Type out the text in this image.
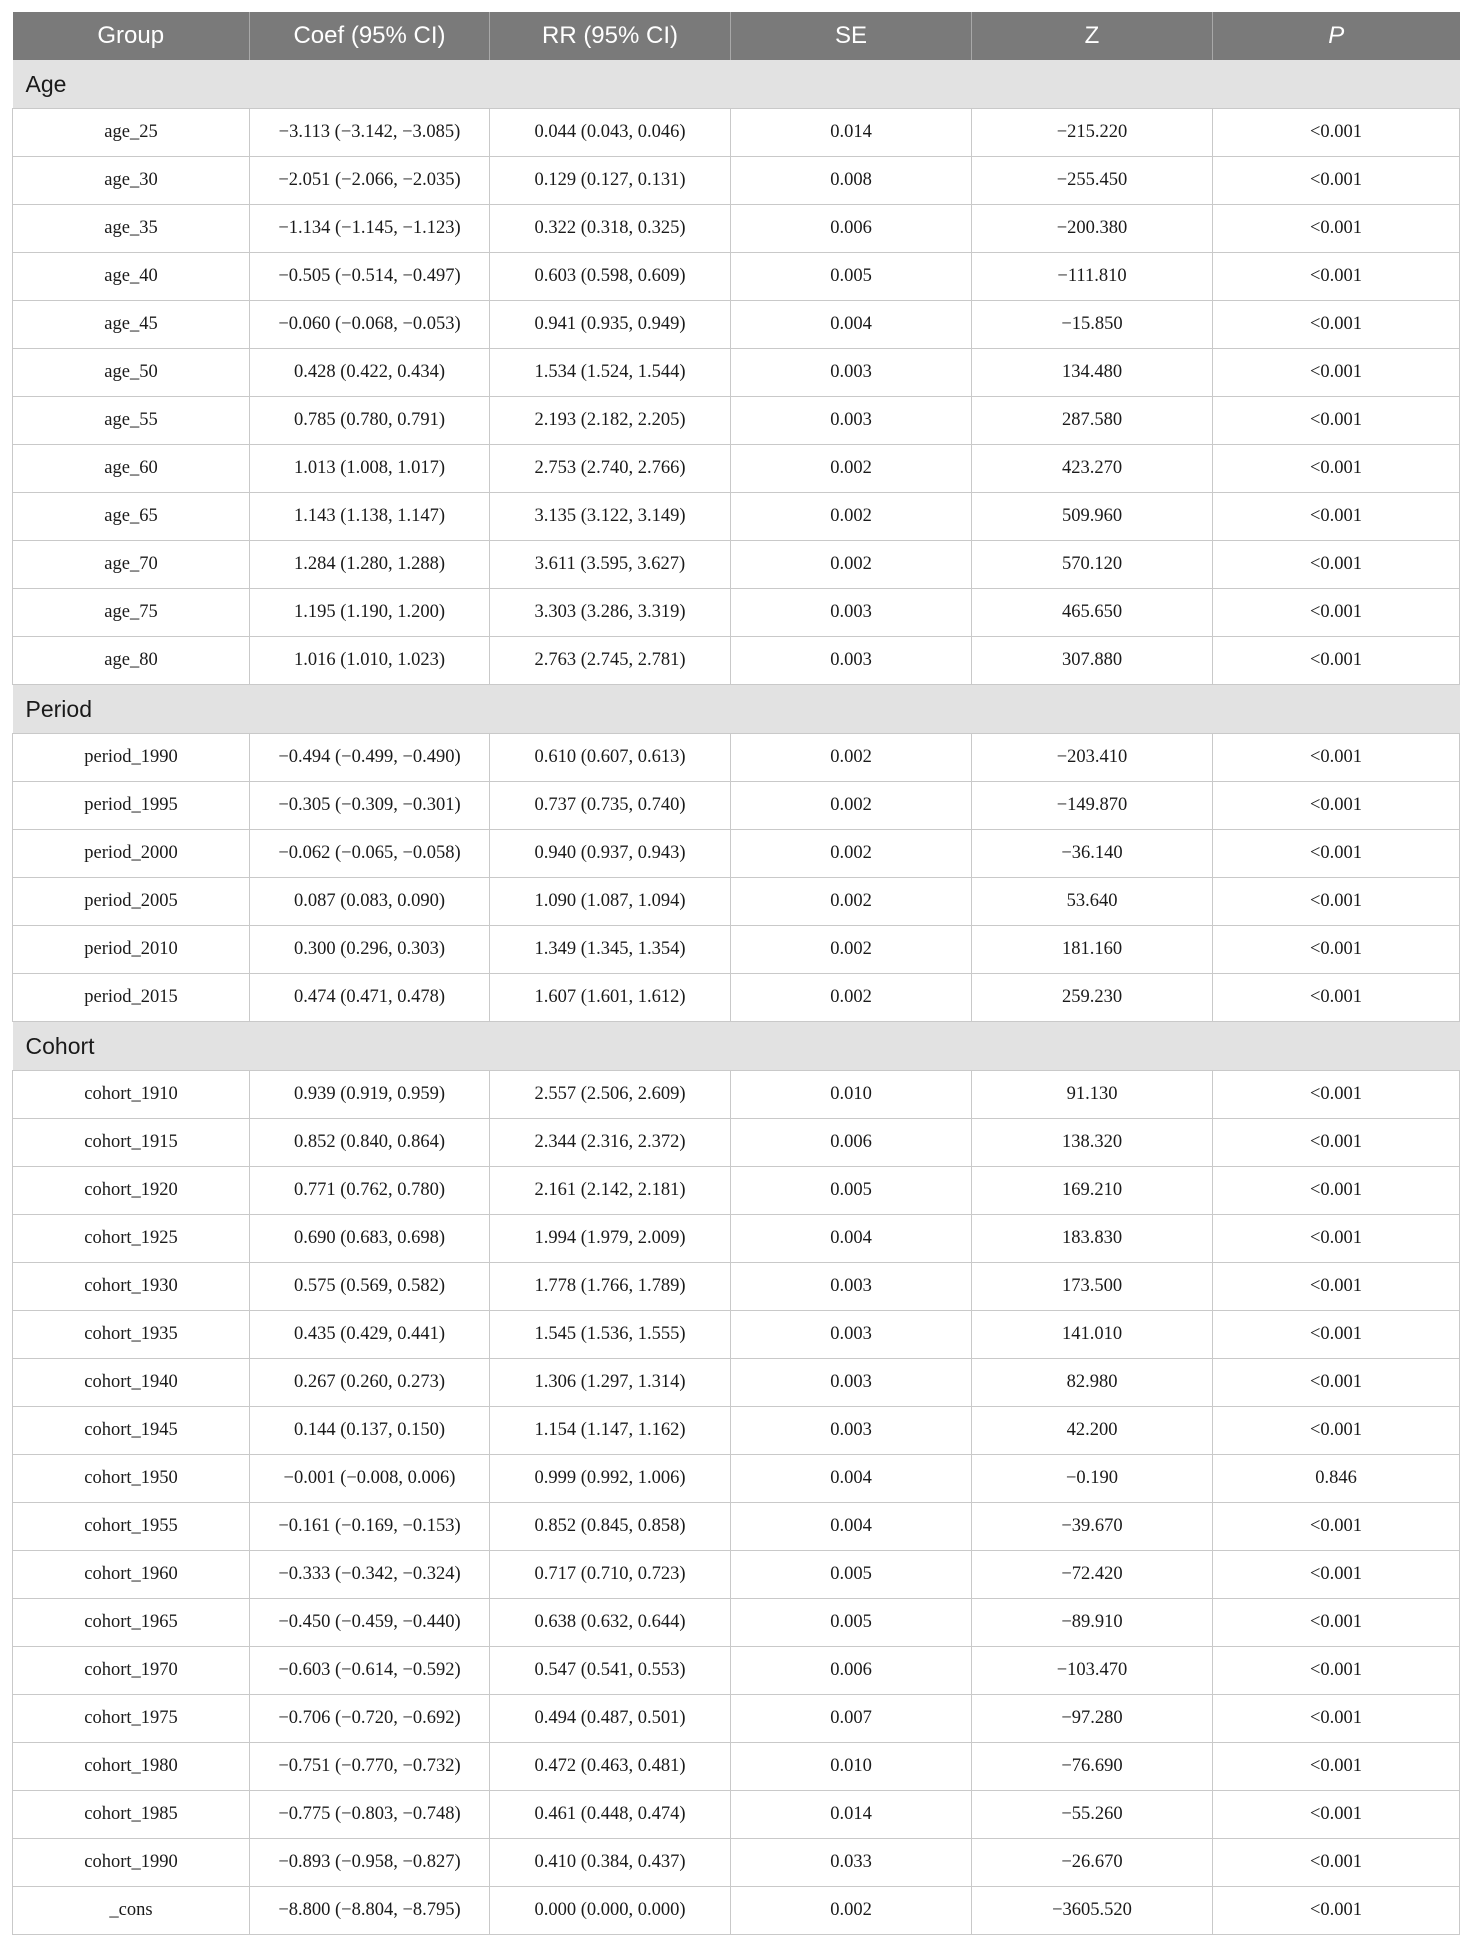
Group	Coef (95% CI)	RR (95% CI)	SE	Z	P
Age					
age_25	−3.113 (−3.142, −3.085)	0.044 (0.043, 0.046)	0.014	−215.220	<0.001
age_30	−2.051 (−2.066, −2.035)	0.129 (0.127, 0.131)	0.008	−255.450	<0.001
age_35	−1.134 (−1.145, −1.123)	0.322 (0.318, 0.325)	0.006	−200.380	<0.001
age_40	−0.505 (−0.514, −0.497)	0.603 (0.598, 0.609)	0.005	−111.810	<0.001
age_45	−0.060 (−0.068, −0.053)	0.941 (0.935, 0.949)	0.004	−15.850	<0.001
age_50	0.428 (0.422, 0.434)	1.534 (1.524, 1.544)	0.003	134.480	<0.001
age_55	0.785 (0.780, 0.791)	2.193 (2.182, 2.205)	0.003	287.580	<0.001
age_60	1.013 (1.008, 1.017)	2.753 (2.740, 2.766)	0.002	423.270	<0.001
age_65	1.143 (1.138, 1.147)	3.135 (3.122, 3.149)	0.002	509.960	<0.001
age_70	1.284 (1.280, 1.288)	3.611 (3.595, 3.627)	0.002	570.120	<0.001
age_75	1.195 (1.190, 1.200)	3.303 (3.286, 3.319)	0.003	465.650	<0.001
age_80	1.016 (1.010, 1.023)	2.763 (2.745, 2.781)	0.003	307.880	<0.001
Period					
period_1990	−0.494 (−0.499, −0.490)	0.610 (0.607, 0.613)	0.002	−203.410	<0.001
period_1995	−0.305 (−0.309, −0.301)	0.737 (0.735, 0.740)	0.002	−149.870	<0.001
period_2000	−0.062 (−0.065, −0.058)	0.940 (0.937, 0.943)	0.002	−36.140	<0.001
period_2005	0.087 (0.083, 0.090)	1.090 (1.087, 1.094)	0.002	53.640	<0.001
period_2010	0.300 (0.296, 0.303)	1.349 (1.345, 1.354)	0.002	181.160	<0.001
period_2015	0.474 (0.471, 0.478)	1.607 (1.601, 1.612)	0.002	259.230	<0.001
Cohort					
cohort_1910	0.939 (0.919, 0.959)	2.557 (2.506, 2.609)	0.010	91.130	<0.001
cohort_1915	0.852 (0.840, 0.864)	2.344 (2.316, 2.372)	0.006	138.320	<0.001
cohort_1920	0.771 (0.762, 0.780)	2.161 (2.142, 2.181)	0.005	169.210	<0.001
cohort_1925	0.690 (0.683, 0.698)	1.994 (1.979, 2.009)	0.004	183.830	<0.001
cohort_1930	0.575 (0.569, 0.582)	1.778 (1.766, 1.789)	0.003	173.500	<0.001
cohort_1935	0.435 (0.429, 0.441)	1.545 (1.536, 1.555)	0.003	141.010	<0.001
cohort_1940	0.267 (0.260, 0.273)	1.306 (1.297, 1.314)	0.003	82.980	<0.001
cohort_1945	0.144 (0.137, 0.150)	1.154 (1.147, 1.162)	0.003	42.200	<0.001
cohort_1950	−0.001 (−0.008, 0.006)	0.999 (0.992, 1.006)	0.004	−0.190	0.846
cohort_1955	−0.161 (−0.169, −0.153)	0.852 (0.845, 0.858)	0.004	−39.670	<0.001
cohort_1960	−0.333 (−0.342, −0.324)	0.717 (0.710, 0.723)	0.005	−72.420	<0.001
cohort_1965	−0.450 (−0.459, −0.440)	0.638 (0.632, 0.644)	0.005	−89.910	<0.001
cohort_1970	−0.603 (−0.614, −0.592)	0.547 (0.541, 0.553)	0.006	−103.470	<0.001
cohort_1975	−0.706 (−0.720, −0.692)	0.494 (0.487, 0.501)	0.007	−97.280	<0.001
cohort_1980	−0.751 (−0.770, −0.732)	0.472 (0.463, 0.481)	0.010	−76.690	<0.001
cohort_1985	−0.775 (−0.803, −0.748)	0.461 (0.448, 0.474)	0.014	−55.260	<0.001
cohort_1990	−0.893 (−0.958, −0.827)	0.410 (0.384, 0.437)	0.033	−26.670	<0.001
_cons	−8.800 (−8.804, −8.795)	0.000 (0.000, 0.000)	0.002	−3605.520	<0.001
